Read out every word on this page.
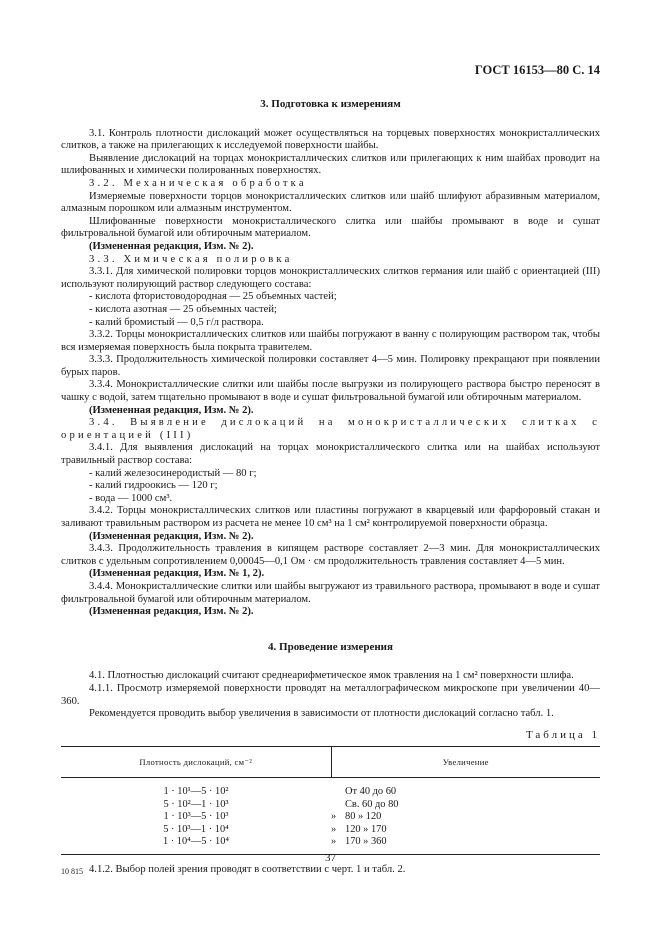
ГОСТ 16153—80 С. 14
3. Подготовка к измерениям
3.1. Контроль плотности дислокаций может осуществляться на торцевых поверхностях монокристаллических слитков, а также на прилегающих к исследуемой поверхности шайбы.
Выявление дислокаций на торцах монокристаллических слитков или прилегающих к ним шайбах проводит на шлифованных и химически полированных поверхностях.
3.2. Механическая обработка
Измеряемые поверхности торцов монокристаллических слитков или шайб шлифуют абразивным материалом, алмазным порошком или алмазным инструментом.
Шлифованные поверхности монокристаллического слитка или шайбы промывают в воде и сушат фильтровальной бумагой или обтирочным материалом.
(Измененная редакция, Изм. № 2).
3.3. Химическая полировка
3.3.1. Для химической полировки торцов монокристаллических слитков германия или шайб с ориентацией (III) используют полирующий раствор следующего состава:
- кислота фтористоводородная — 25 объемных частей;
- кислота азотная — 25 объемных частей;
- калий бромистый — 0,5 г/л раствора.
3.3.2. Торцы монокристаллических слитков или шайбы погружают в ванну с полирующим раствором так, чтобы вся измеряемая поверхность была покрыта травителем.
3.3.3. Продолжительность химической полировки составляет 4—5 мин. Полировку прекращают при появлении бурых паров.
3.3.4. Монокристаллические слитки или шайбы после выгрузки из полирующего раствора быстро переносят в чашку с водой, затем тщательно промывают в воде и сушат фильтровальной бумагой или обтирочным материалом.
(Измененная редакция, Изм. № 2).
3.4. Выявление дислокаций на монокристаллических слитках с ориентацией (III)
3.4.1. Для выявления дислокаций на торцах монокристаллического слитка или на шайбах используют травильный раствор состава:
- калий железосинеродистый — 80 г;
- калий гидроокись — 120 г;
- вода — 1000 см³.
3.4.2. Торцы монокристаллических слитков или пластины погружают в кварцевый или фарфоровый стакан и заливают травильным раствором из расчета не менее 10 см³ на 1 см² контролируемой поверхности образца.
(Измененная редакция, Изм. № 2).
3.4.3. Продолжительность травления в кипящем растворе составляет 2—3 мин. Для монокристаллических слитков с удельным сопротивлением 0,00045—0,1 Ом · см продолжительность травления составляет 4—5 мин.
(Измененная редакция, Изм. № 1, 2).
3.4.4. Монокристаллические слитки или шайбы выгружают из травильного раствора, промывают в воде и сушат фильтровальной бумагой или обтирочным материалом.
(Измененная редакция, Изм. № 2).
4. Проведение измерения
4.1. Плотностью дислокаций считают среднеарифметическое ямок травления на 1 см² поверхности шлифа.
4.1.1. Просмотр измеряемой поверхности проводят на металлографическом микроскопе при увеличении 40—360.
Рекомендуется проводить выбор увеличения в зависимости от плотности дислокаций согласно табл. 1.
Таблица 1
Плотность дислокаций, см⁻²	Увеличение
1 · 10¹—5 · 10²	От 40 до 60
5 · 10²—1 · 10³	Св. 60 до 80
1 · 10³—5 · 10³	» 80 » 120
5 · 10³—1 · 10⁴	» 120 » 170
1 · 10⁴—5 · 10⁴	» 170 » 360
4.1.2. Выбор полей зрения проводят в соответствии с черт. 1 и табл. 2.
37
10 815
